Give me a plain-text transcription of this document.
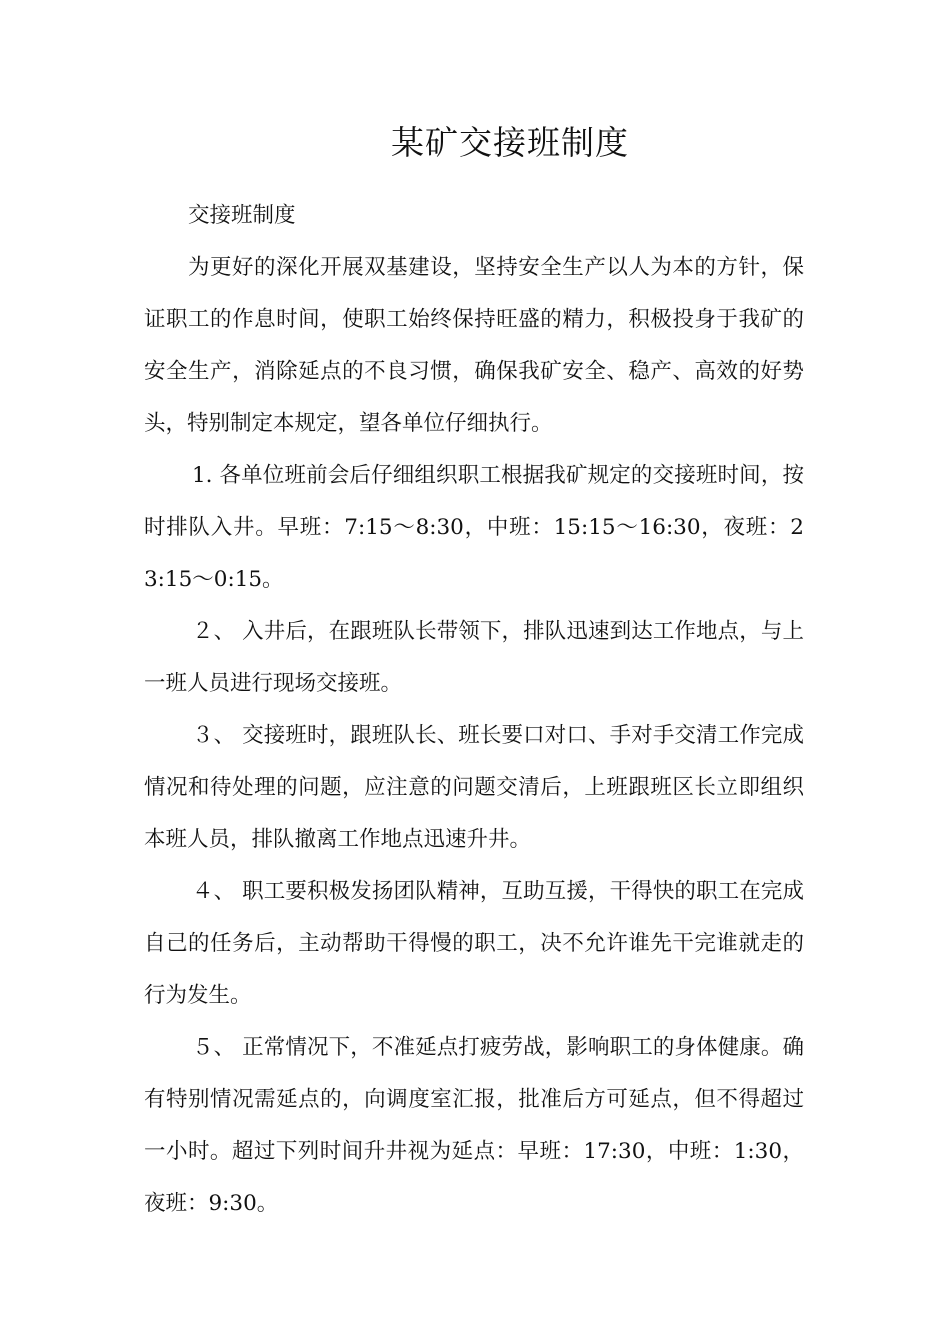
某矿交接班制度

交接班制度

为更好的深化开展双基建设，坚持安全生产以人为本的方针，保证职工的作息时间，使职工始终保持旺盛的精力，积极投身于我矿的安全生产，消除延点的不良习惯，确保我矿安全、稳产、高效的好势头，特别制定本规定，望各单位仔细执行。

1. 各单位班前会后仔细组织职工根据我矿规定的交接班时间，按时排队入井。早班：7:15～8:30，中班：15:15～16:30，夜班：23:15～0:15。

２、 入井后，在跟班队长带领下，排队迅速到达工作地点，与上一班人员进行现场交接班。

３、 交接班时，跟班队长、班长要口对口、手对手交清工作完成情况和待处理的问题，应注意的问题交清后，上班跟班区长立即组织本班人员，排队撤离工作地点迅速升井。

４、 职工要积极发扬团队精神，互助互援，干得快的职工在完成自己的任务后，主动帮助干得慢的职工，决不允许谁先干完谁就走的行为发生。

５、 正常情况下，不准延点打疲劳战，影响职工的身体健康。确有特别情况需延点的，向调度室汇报，批准后方可延点，但不得超过一小时。超过下列时间升井视为延点：早班：17:30，中班：1:30，夜班：9:30。
